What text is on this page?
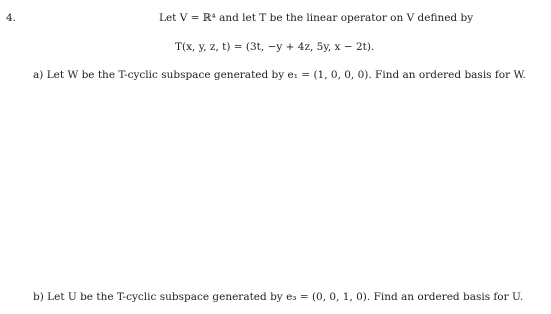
4.	Let V = ℝ⁴ and let T be the linear operator on V defined by
T(x, y, z, t) = (3t, −y + 4z, 5y, x − 2t).
a) Let W be the T-cyclic subspace generated by e₁ = (1, 0, 0, 0). Find an ordered basis for W.
b) Let U be the T-cyclic subspace generated by e₃ = (0, 0, 1, 0). Find an ordered basis for U.
